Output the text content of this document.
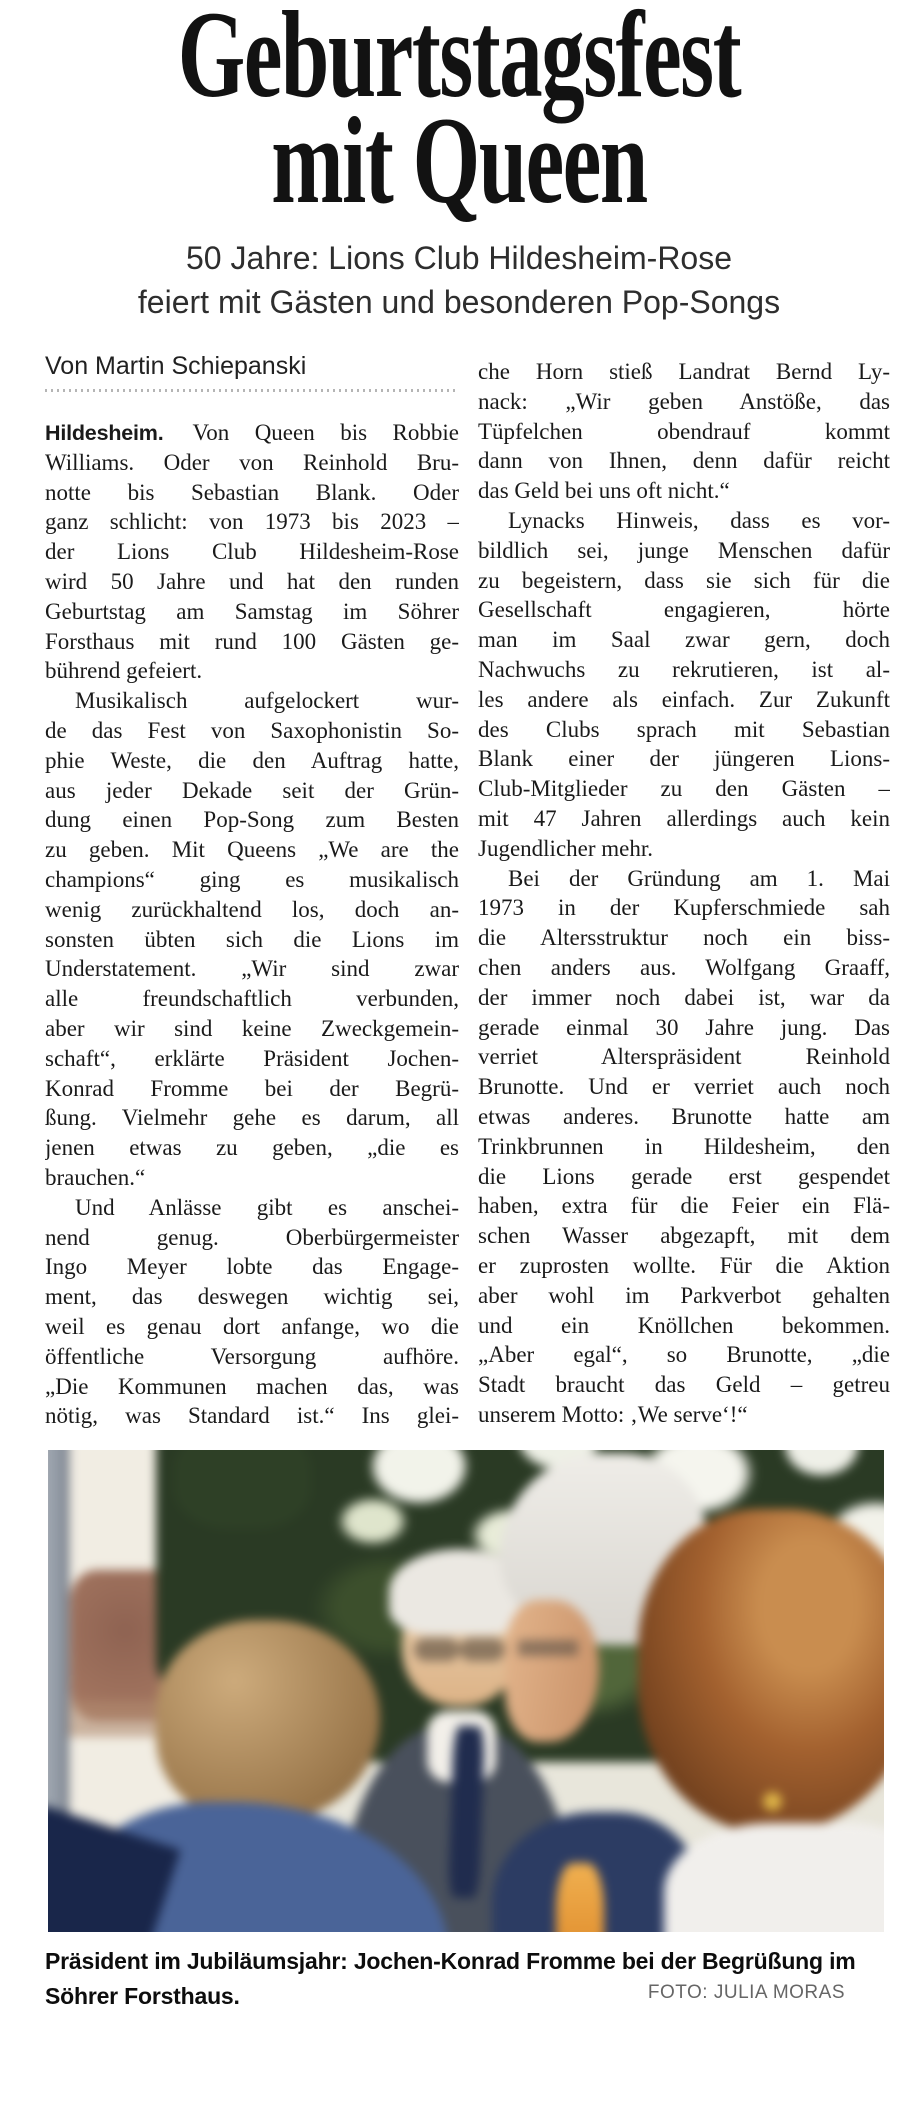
Geburtstagsfest
mit Queen
50 Jahre: Lions Club Hildesheim-Rose
feiert mit Gästen und besonderen Pop-Songs
Von Martin Schiepanski
Hildesheim. Von Queen bis Robbie
Williams. Oder von Reinhold Bru-
notte bis Sebastian Blank. Oder
ganz schlicht: von 1973 bis 2023 –
der Lions Club Hildesheim-Rose
wird 50 Jahre und hat den runden
Geburtstag am Samstag im Söhrer
Forsthaus mit rund 100 Gästen ge-
bührend gefeiert.
Musikalisch aufgelockert wur-
de das Fest von Saxophonistin So-
phie Weste, die den Auftrag hatte,
aus jeder Dekade seit der Grün-
dung einen Pop-Song zum Besten
zu geben. Mit Queens „We are the
champions“ ging es musikalisch
wenig zurückhaltend los, doch an-
sonsten übten sich die Lions im
Understatement. „Wir sind zwar
alle freundschaftlich verbunden,
aber wir sind keine Zweckgemein-
schaft“, erklärte Präsident Jochen-
Konrad Fromme bei der Begrü-
ßung. Vielmehr gehe es darum, all
jenen etwas zu geben, „die es
brauchen.“
Und Anlässe gibt es anschei-
nend genug. Oberbürgermeister
Ingo Meyer lobte das Engage-
ment, das deswegen wichtig sei,
weil es genau dort anfange, wo die
öffentliche Versorgung aufhöre.
„Die Kommunen machen das, was
nötig, was Standard ist.“ Ins glei-
che Horn stieß Landrat Bernd Ly-
nack: „Wir geben Anstöße, das
Tüpfelchen obendrauf kommt
dann von Ihnen, denn dafür reicht
das Geld bei uns oft nicht.“
Lynacks Hinweis, dass es vor-
bildlich sei, junge Menschen dafür
zu begeistern, dass sie sich für die
Gesellschaft engagieren, hörte
man im Saal zwar gern, doch
Nachwuchs zu rekrutieren, ist al-
les andere als einfach. Zur Zukunft
des Clubs sprach mit Sebastian
Blank einer der jüngeren Lions-
Club-Mitglieder zu den Gästen –
mit 47 Jahren allerdings auch kein
Jugendlicher mehr.
Bei der Gründung am 1. Mai
1973 in der Kupferschmiede sah
die Altersstruktur noch ein biss-
chen anders aus. Wolfgang Graaff,
der immer noch dabei ist, war da
gerade einmal 30 Jahre jung. Das
verriet Alterspräsident Reinhold
Brunotte. Und er verriet auch noch
etwas anderes. Brunotte hatte am
Trinkbrunnen in Hildesheim, den
die Lions gerade erst gespendet
haben, extra für die Feier ein Flä-
schen Wasser abgezapft, mit dem
er zuprosten wollte. Für die Aktion
aber wohl im Parkverbot gehalten
und ein Knöllchen bekommen.
„Aber egal“, so Brunotte, „die
Stadt braucht das Geld – getreu
unserem Motto: ‚We serve‘!“
Präsident im Jubiläumsjahr: Jochen-Konrad Fromme bei der Begrüßung im
Söhrer Forsthaus.	FOTO: JULIA MORAS
